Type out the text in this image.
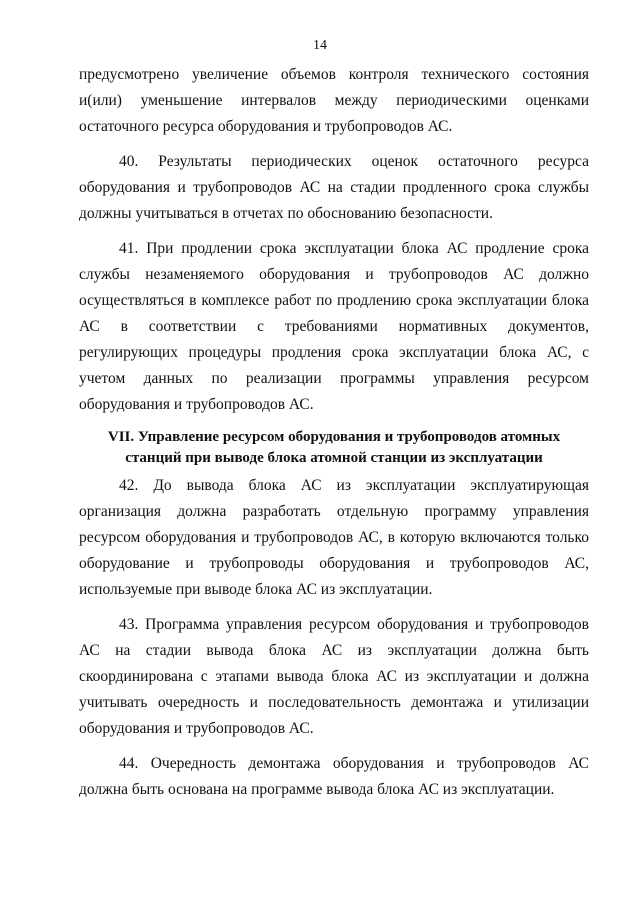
14

предусмотрено увеличение объемов контроля технического состояния и(или) уменьшение интервалов между периодическими оценками остаточного ресурса оборудования и трубопроводов АС.

40. Результаты периодических оценок остаточного ресурса оборудования и трубопроводов АС на стадии продленного срока службы должны учитываться в отчетах по обоснованию безопасности.

41. При продлении срока эксплуатации блока АС продление срока службы незаменяемого оборудования и трубопроводов АС должно осуществляться в комплексе работ по продлению срока эксплуатации блока АС в соответствии с требованиями нормативных документов, регулирующих процедуры продления срока эксплуатации блока АС, с учетом данных по реализации программы управления ресурсом оборудования и трубопроводов АС.

VII. Управление ресурсом оборудования и трубопроводов атомных
станций при выводе блока атомной станции из эксплуатации

42. До вывода блока АС из эксплуатации эксплуатирующая организация должна разработать отдельную программу управления ресурсом оборудования и трубопроводов АС, в которую включаются только оборудование и трубопроводы оборудования и трубопроводов АС, используемые при выводе блока АС из эксплуатации.

43. Программа управления ресурсом оборудования и трубопроводов АС на стадии вывода блока АС из эксплуатации должна быть скоординирована с этапами вывода блока АС из эксплуатации и должна учитывать очередность и последовательность демонтажа и утилизации оборудования и трубопроводов АС.

44. Очередность демонтажа оборудования и трубопроводов АС должна быть основана на программе вывода блока АС из эксплуатации.
